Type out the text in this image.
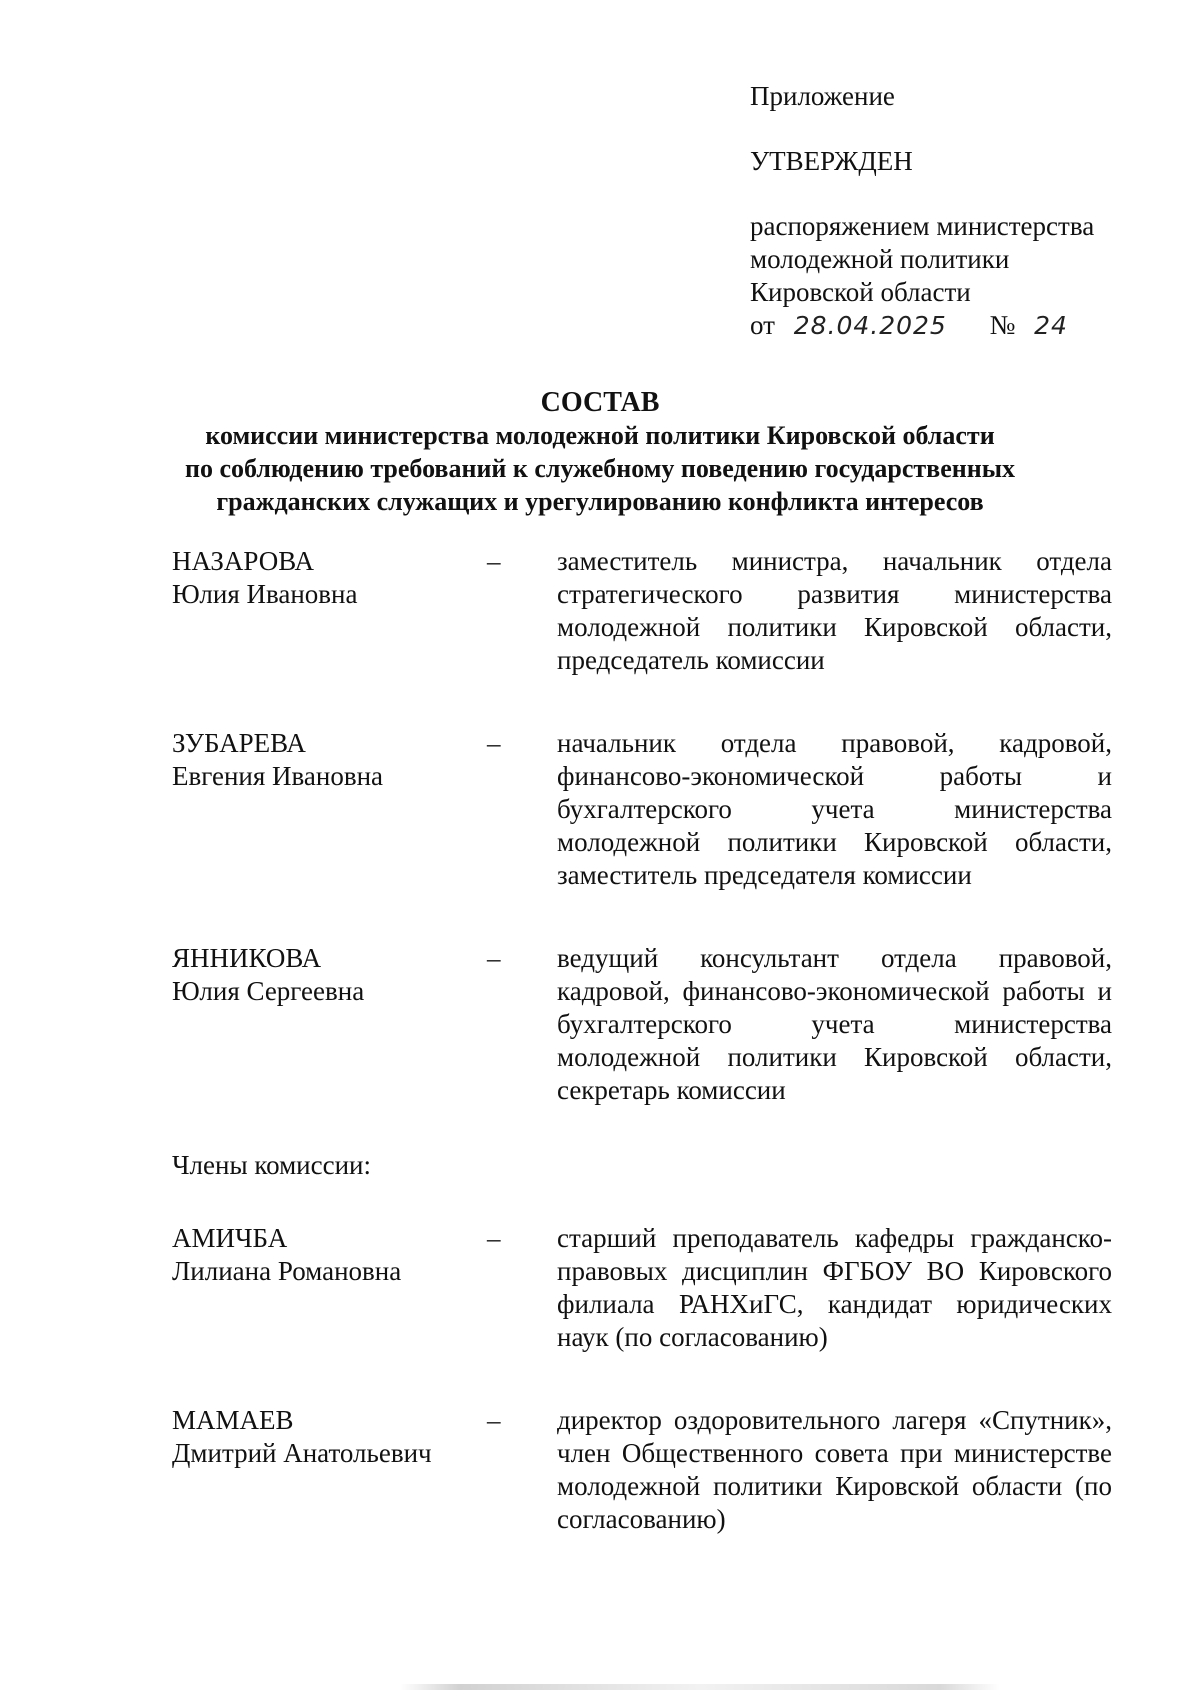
Приложение
УТВЕРЖДЕН
распоряжением министерства
молодежной политики
Кировской области
от 28.04.2025 № 24
СОСТАВ
комиссии министерства молодежной политики Кировской области
по соблюдению требований к служебному поведению государственных
гражданских служащих и урегулированию конфликта интересов
НАЗАРОВА
Юлия Ивановна
–	заместитель министра, начальник отдела стратегического развития министерства молодежной политики Кировской области, председатель комиссии
ЗУБАРЕВА
Евгения Ивановна
–	начальник отдела правовой, кадровой, финансово-экономической работы и бухгалтерского учета министерства молодежной политики Кировской области, заместитель председателя комиссии
ЯННИКОВА
Юлия Сергеевна
–	ведущий консультант отдела правовой, кадровой, финансово-экономической работы и бухгалтерского учета министерства молодежной политики Кировской области, секретарь комиссии
Члены комиссии:
АМИЧБА
Лилиана Романовна
–	старший преподаватель кафедры гражданско-правовых дисциплин ФГБОУ ВО Кировского филиала РАНХиГС, кандидат юридических наук (по согласованию)
МАМАЕВ
Дмитрий Анатольевич
–	директор оздоровительного лагеря «Спутник», член Общественного совета при министерстве молодежной политики Кировской области (по согласованию)
